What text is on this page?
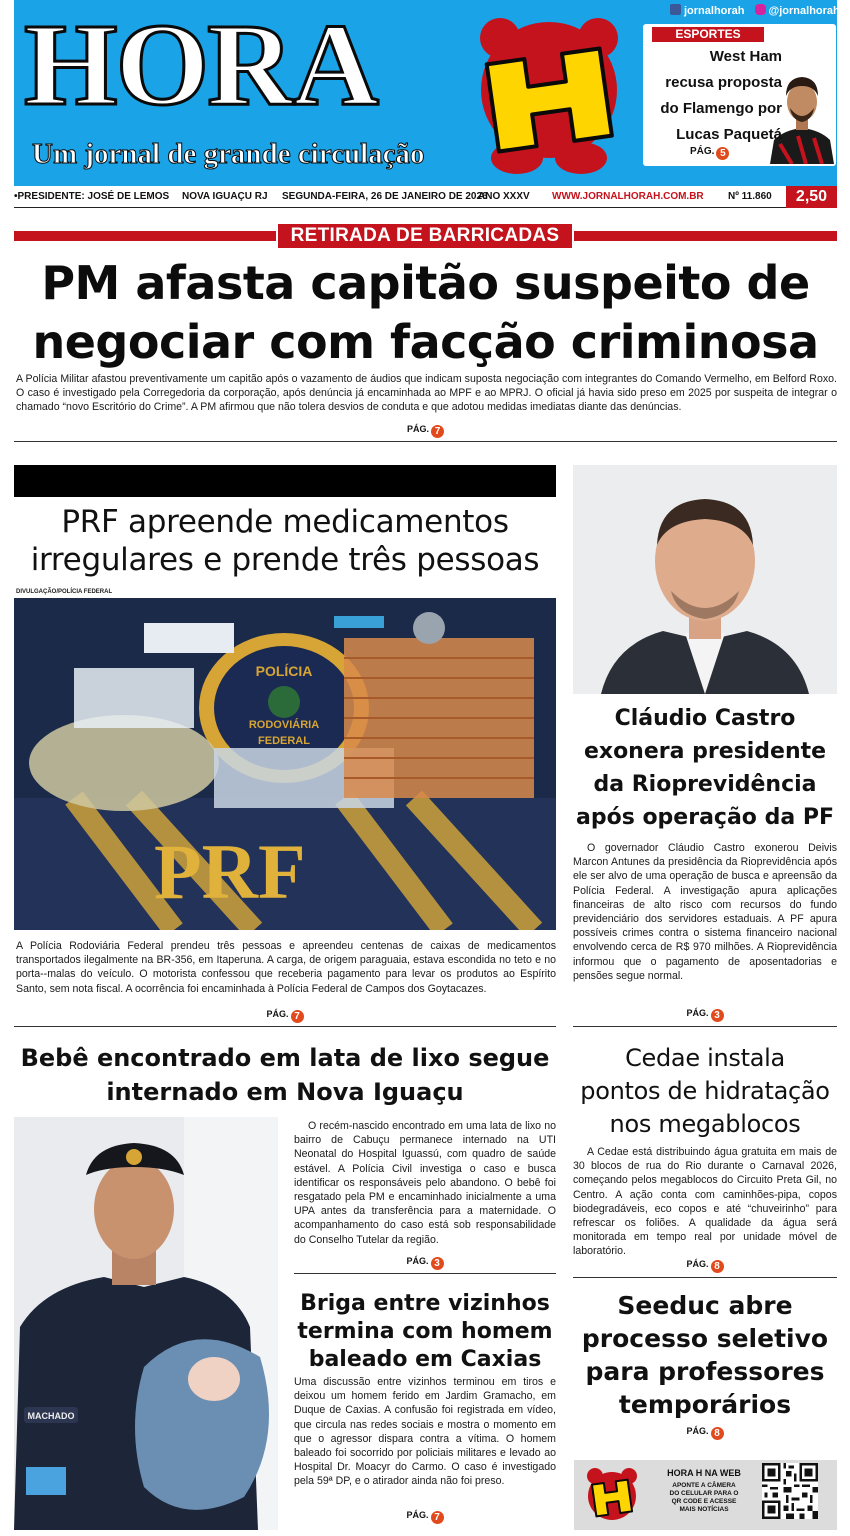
HORA
Um jornal de grande circulação
jornalhorah	@jornalhorah
ESPORTES
West Ham
recusa proposta
do Flamengo por
Lucas Paquetá
PÁG. 5
•PRESIDENTE: JOSÉ DE LEMOS NOVA IGUAÇU RJ SEGUNDA-FEIRA, 26 DE JANEIRO DE 2026
ANO XXXV WWW.JORNALHORAH.COM.BR Nº 11.860	2,50
RETIRADA DE BARRICADAS
PM afasta capitão suspeito de
negociar com facção criminosa
A Polícia Militar afastou preventivamente um capitão após o vazamento de áudios que indicam suposta negociação com integrantes do Comando Vermelho, em Belford Roxo. O caso é investigado pela Corregedoria da corporação, após denúncia já encaminhada ao MPF e ao MPRJ. O oficial já havia sido preso em 2025 por suspeita de integrar o chamado “novo Escritório do Crime”. A PM afirmou que não tolera desvios de conduta e que adotou medidas imediatas diante das denúncias.
PÁG. 7
PRF apreende medicamentos
irregulares e prende três pessoas
DIVULGAÇÃO/POLÍCIA FEDERAL
PRF
POLÍCIA
RODOVIÁRIA
FEDERAL
A Polícia Rodoviária Federal prendeu três pessoas e apreendeu centenas de caixas de medicamentos transportados ilegalmente na BR-356, em Itaperuna. A carga, de origem paraguaia, estava escondida no teto e no porta--malas do veículo. O motorista confessou que receberia pagamento para levar os produtos ao Espírito Santo, sem nota fiscal. A ocorrência foi encaminhada à Polícia Federal de Campos dos Goytacazes.
PÁG. 7
Cláudio Castro
exonera presidente
da Rioprevidência
após operação da PF
O governador Cláudio Castro exonerou Deivis Marcon Antunes da presidência da Rioprevidência após ele ser alvo de uma operação de busca e apreensão da Polícia Federal. A investigação apura aplicações financeiras de alto risco com recursos do fundo previdenciário dos servidores estaduais. A PF apura possíveis crimes contra o sistema financeiro nacional envolvendo cerca de R$ 970 milhões. A Rioprevidência informou que o pagamento de aposentadorias e pensões segue normal.
PÁG. 3
Bebê encontrado em lata de lixo segue
internado em Nova Iguaçu
MACHADO
O recém-nascido encontrado em uma lata de lixo no bairro de Cabuçu permanece internado na UTI Neonatal do Hospital Iguassú, com quadro de saúde estável. A Polícia Civil investiga o caso e busca identificar os responsáveis pelo abandono. O bebê foi resgatado pela PM e encaminhado inicialmente a uma UPA antes da transferência para a maternidade. O acompanhamento do caso está sob responsabilidade do Conselho Tutelar da região.
PÁG. 3
Briga entre vizinhos
termina com homem
baleado em Caxias
Uma discussão entre vizinhos terminou em tiros e deixou um homem ferido em Jardim Gramacho, em Duque de Caxias. A confusão foi registrada em vídeo, que circula nas redes sociais e mostra o momento em que o agressor dispara contra a vítima. O homem baleado foi socorrido por policiais militares e levado ao Hospital Dr. Moacyr do Carmo. O caso é investigado pela 59ª DP, e o atirador ainda não foi preso.
PÁG. 7
Cedae instala
pontos de hidratação
nos megablocos
A Cedae está distribuindo água gratuita em mais de 30 blocos de rua do Rio durante o Carnaval 2026, começando pelos megablocos do Circuito Preta Gil, no Centro. A ação conta com caminhões-pipa, copos biodegradáveis, eco copos e até “chuveirinho” para refrescar os foliões. A qualidade da água será monitorada em tempo real por unidade móvel de laboratório.
PÁG. 8
Seeduc abre
processo seletivo
para professores
temporários
PÁG. 8
HORA H NA WEB
APONTE A CÂMERA
DO CELULAR PARA O
QR CODE E ACESSE
MAIS NOTÍCIAS
